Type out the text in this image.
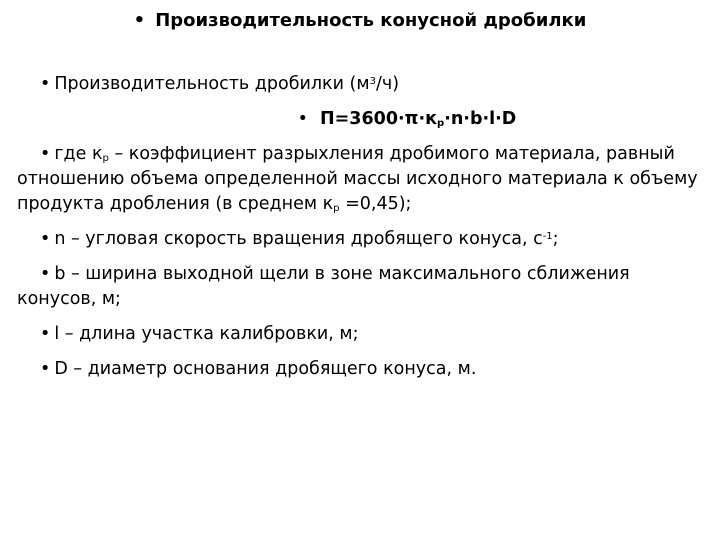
• Производительность конусной дробилки

• Производительность дробилки $(м^3/ч)$

• $П=3600\cdot\pi\cdot к_р\cdot n\cdot b\cdot l\cdot D$

• где $к_р$ – коэффициент разрыхления дробимого материала, равный отношению объема определенной массы исходного материала к объему продукта дробления (в среднем $к_р =0,45$);

• n – угловая скорость вращения дробящего конуса, $с^{-1}$;

• b – ширина выходной щели в зоне максимального сближения конусов, м;

• l – длина участка калибровки, м;

• D – диаметр основания дробящего конуса, м.
